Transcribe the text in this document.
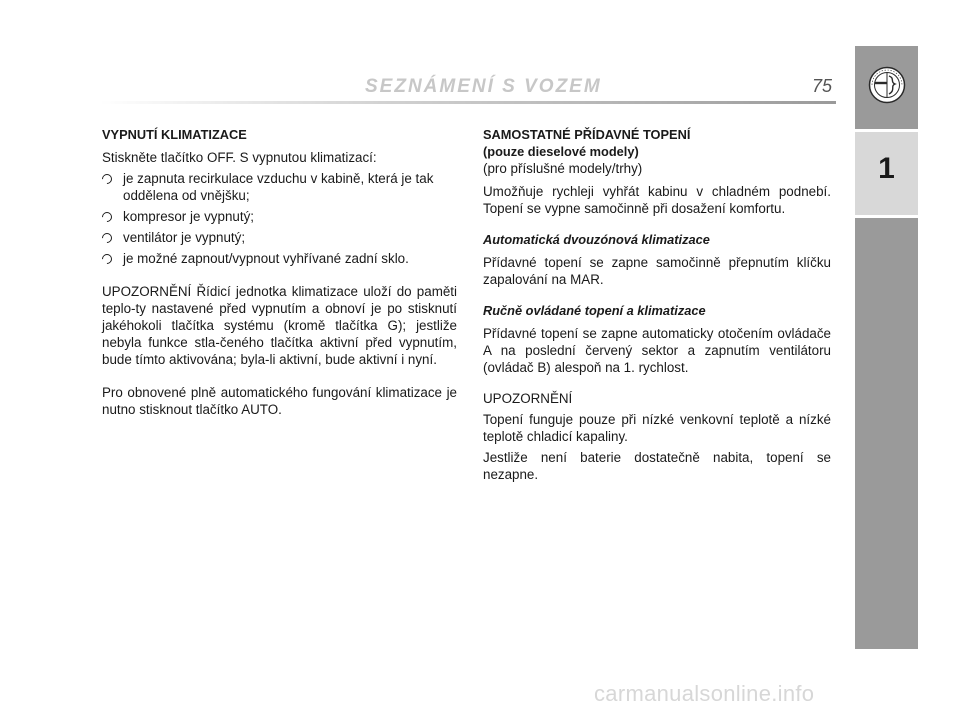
SEZNÁMENÍ S VOZEM	75
1

VYPNUTÍ KLIMATIZACE

Stiskněte tlačítko OFF. S vypnutou klimatizací:

je zapnuta recirkulace vzduchu v kabině, která je tak oddělena od vnějšku;
kompresor je vypnutý;
ventilátor je vypnutý;
je možné zapnout/vypnout vyhřívané zadní sklo.

UPOZORNĚNÍ Řídicí jednotka klimatizace uloží do paměti teplo-ty nastavené před vypnutím a obnoví je po stisknutí jakéhokoli tlačítka systému (kromě tlačítka G); jestliže nebyla funkce stla-čeného tlačítka aktivní před vypnutím, bude tímto aktivována; byla-li aktivní, bude aktivní i nyní.

Pro obnovené plně automatického fungování klimatizace je nutno stisknout tlačítko AUTO.

SAMOSTATNÉ PŘÍDAVNÉ TOPENÍ

(pouze dieselové modely)

(pro příslušné modely/trhy)

Umožňuje rychleji vyhřát kabinu v chladném podnebí. Topení se vypne samočinně při dosažení komfortu.

Automatická dvouzónová klimatizace

Přídavné topení se zapne samočinně přepnutím klíčku zapalování na MAR.

Ručně ovládané topení a klimatizace

Přídavné topení se zapne automaticky otočením ovládače A na poslední červený sektor a zapnutím ventilátoru (ovládač B) alespoň na 1. rychlost.

UPOZORNĚNÍ

Topení funguje pouze při nízké venkovní teplotě a nízké teplotě chladicí kapaliny.

Jestliže není baterie dostatečně nabita, topení se nezapne.

carmanualsonline.info
